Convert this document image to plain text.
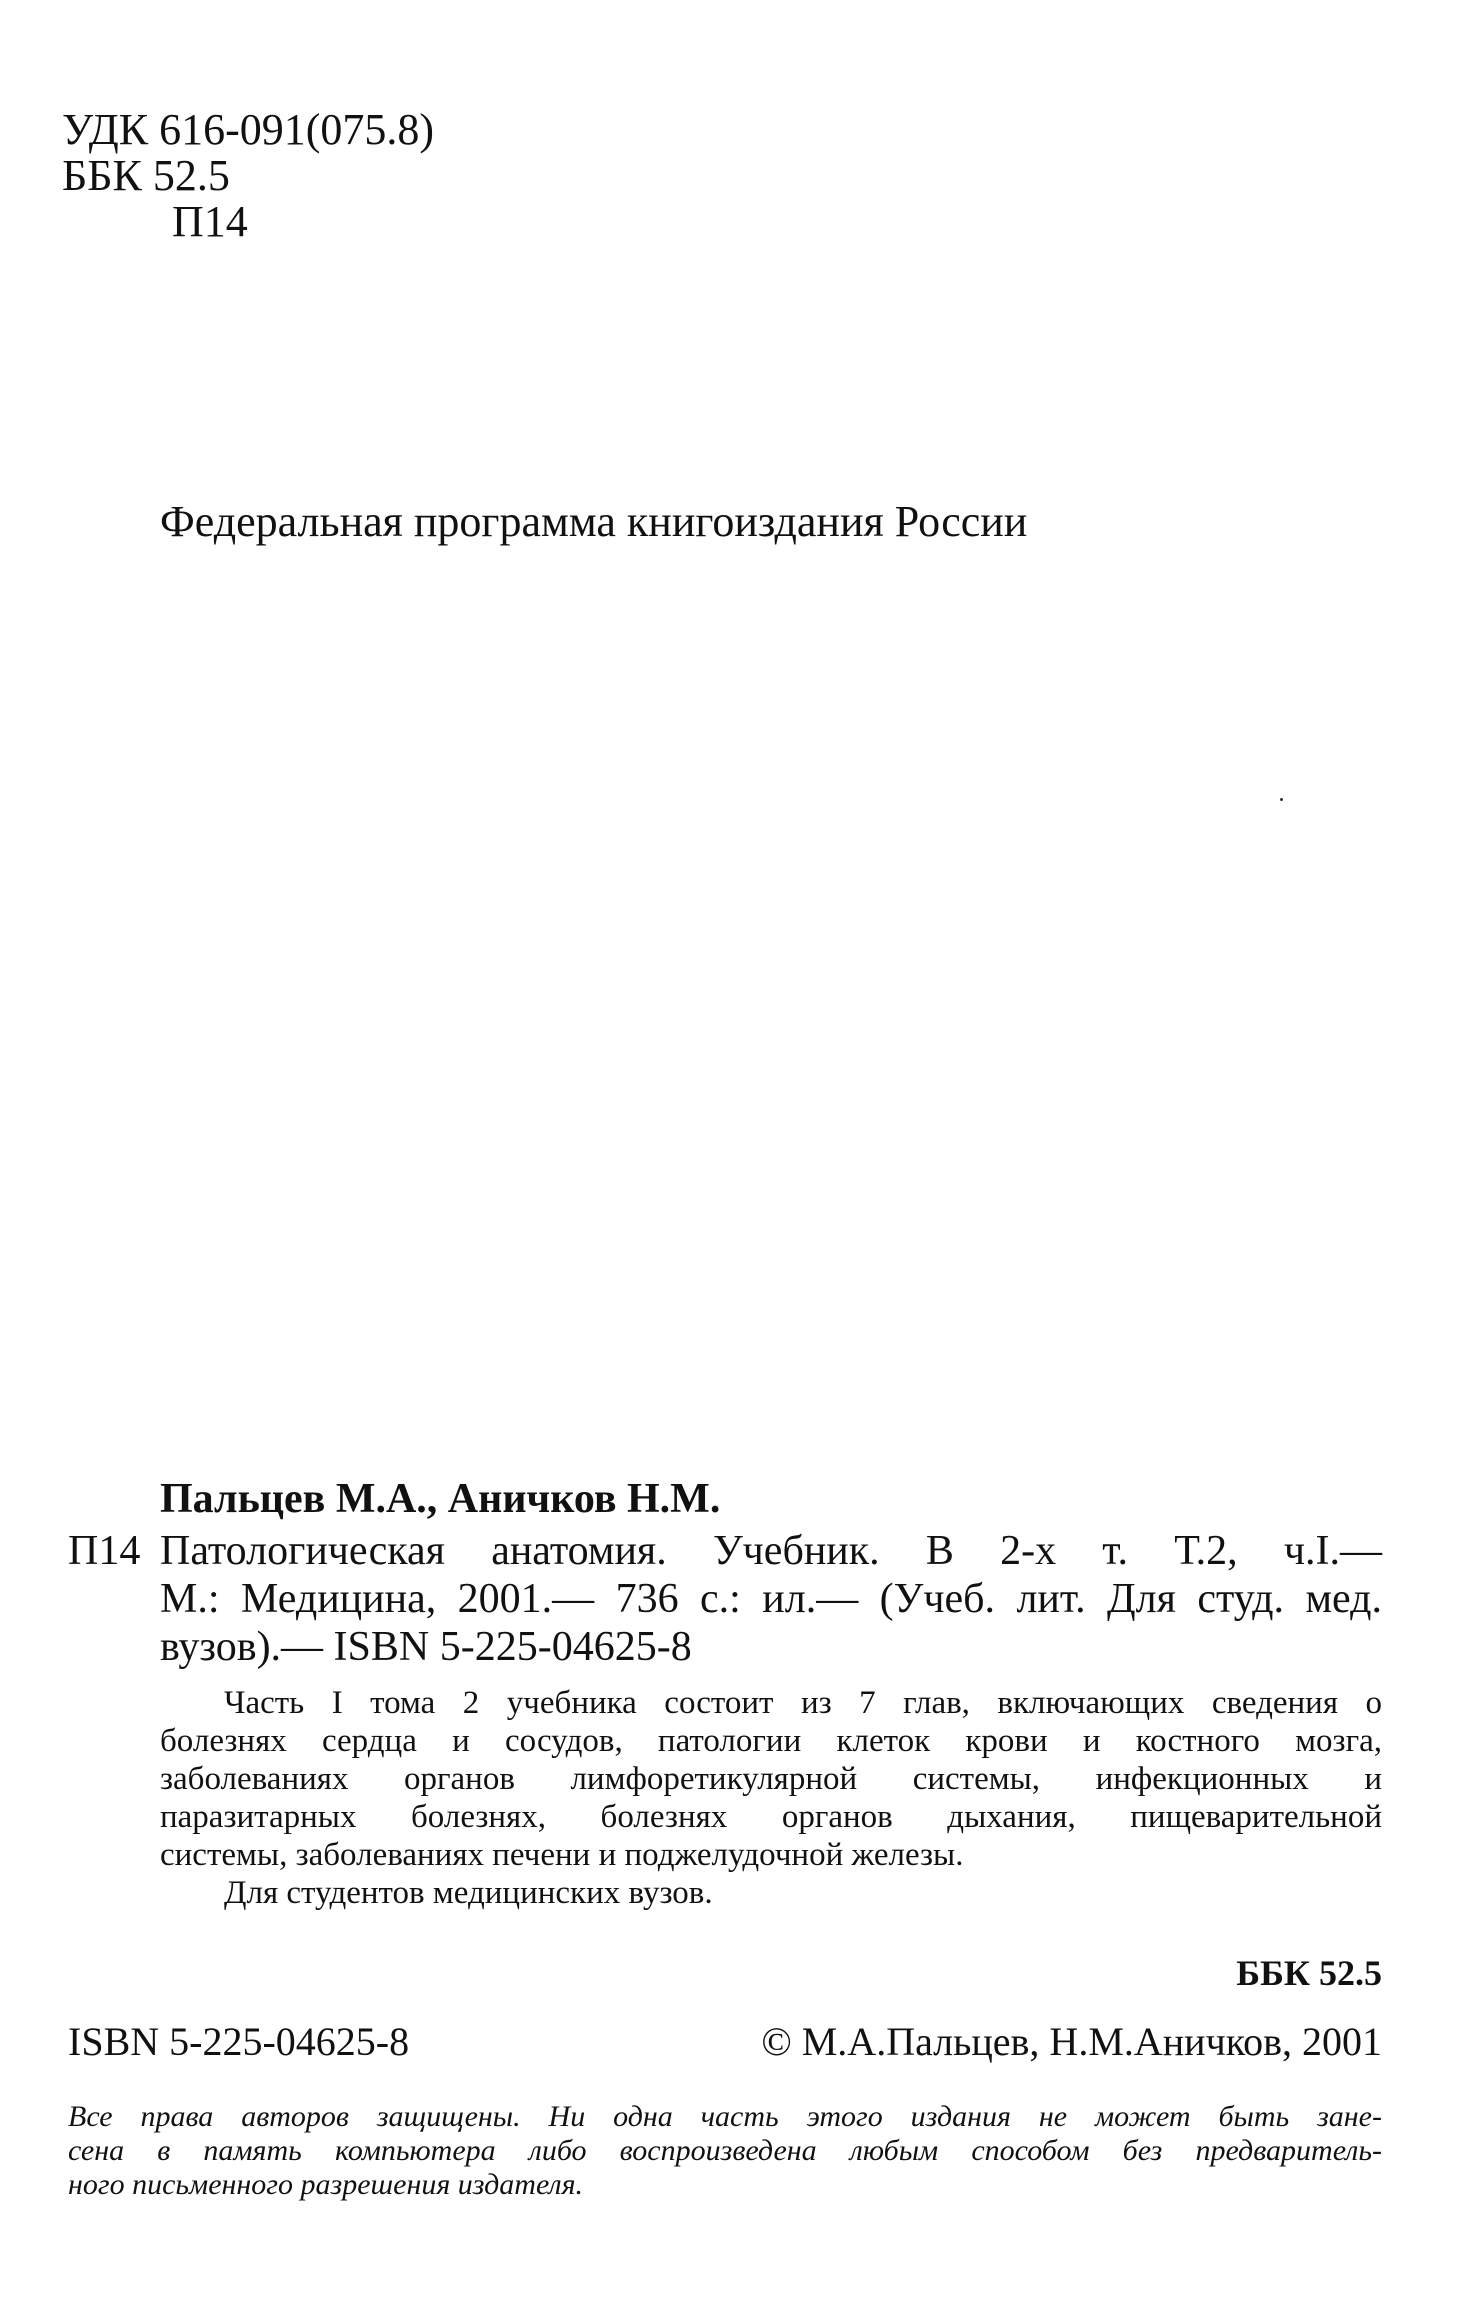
УДК 616-091(075.8)
ББК 52.5
П14
Федеральная программа книгоиздания России
Пальцев М.А., Аничков Н.М.
П14 Патологическая анатомия. Учебник. В 2-х т. Т.2, ч.I.—
М.: Медицина, 2001.— 736 с.: ил.— (Учеб. лит. Для студ. мед.
вузов).— ISBN 5-225-04625-8
Часть I тома 2 учебника состоит из 7 глав, включающих сведения о
болезнях сердца и сосудов, патологии клеток крови и костного мозга,
заболеваниях органов лимфоретикулярной системы, инфекционных и
паразитарных болезнях, болезнях органов дыхания, пищеварительной
системы, заболеваниях печени и поджелудочной железы.
Для студентов медицинских вузов.
ББК 52.5
ISBN 5-225-04625-8	© М.А.Пальцев, Н.М.Аничков, 2001
Все права авторов защищены. Ни одна часть этого издания не может быть зане-
сена в память компьютера либо воспроизведена любым способом без предваритель-
ного письменного разрешения издателя.
